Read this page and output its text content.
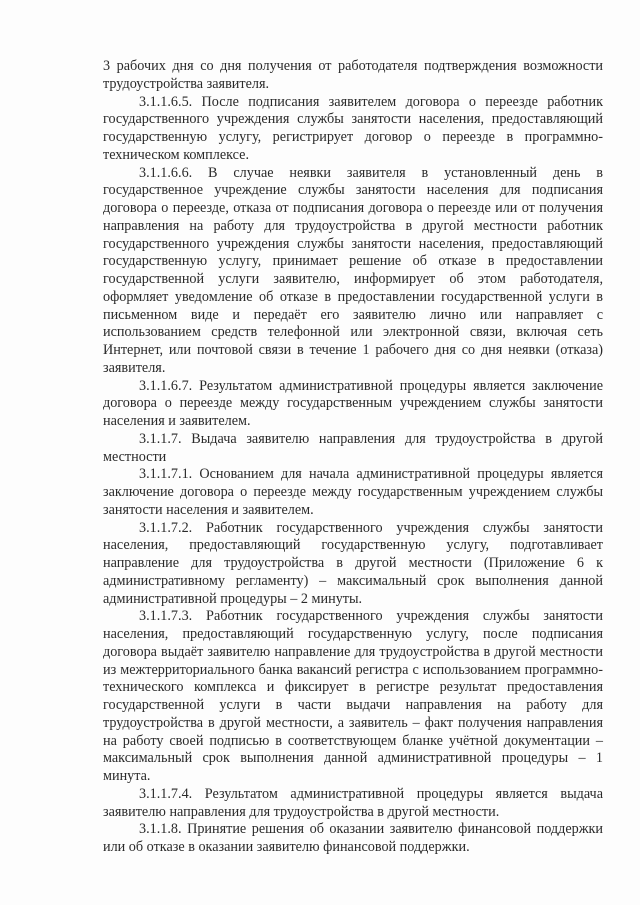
3 рабочих дня со дня получения от работодателя подтверждения возможности трудоустройства заявителя.

3.1.1.6.5. После подписания заявителем договора о переезде работник государственного учреждения службы занятости населения, предоставляющий государственную услугу, регистрирует договор о переезде в программно-техническом комплексе.

3.1.1.6.6. В случае неявки заявителя в установленный день в государственное учреждение службы занятости населения для подписания договора о переезде, отказа от подписания договора о переезде или от получения направления на работу для трудоустройства в другой местности работник государственного учреждения службы занятости населения, предоставляющий государственную услугу, принимает решение об отказе в предоставлении государственной услуги заявителю, информирует об этом работодателя, оформляет уведомление об отказе в предоставлении государственной услуги в письменном виде и передаёт его заявителю лично или направляет с использованием средств телефонной или электронной связи, включая сеть Интернет, или почтовой связи в течение 1 рабочего дня со дня неявки (отказа) заявителя.

3.1.1.6.7. Результатом административной процедуры является заключение договора о переезде между государственным учреждением службы занятости населения и заявителем.

3.1.1.7. Выдача заявителю направления для трудоустройства в другой местности

3.1.1.7.1. Основанием для начала административной процедуры является заключение договора о переезде между государственным учреждением службы занятости населения и заявителем.

3.1.1.7.2. Работник государственного учреждения службы занятости населения, предоставляющий государственную услугу, подготавливает направление для трудоустройства в другой местности (Приложение 6 к административному регламенту) – максимальный срок выполнения данной административной процедуры – 2 минуты.

3.1.1.7.3. Работник государственного учреждения службы занятости населения, предоставляющий государственную услугу, после подписания договора выдаёт заявителю направление для трудоустройства в другой местности из межтерриториального банка вакансий регистра с использованием программно-технического комплекса и фиксирует в регистре результат предоставления государственной услуги в части выдачи направления на работу для трудоустройства в другой местности, а заявитель – факт получения направления на работу своей подписью в соответствующем бланке учётной документации – максимальный срок выполнения данной административной процедуры – 1 минута.

3.1.1.7.4. Результатом административной процедуры является выдача заявителю направления для трудоустройства в другой местности.

3.1.1.8. Принятие решения об оказании заявителю финансовой поддержки или об отказе в оказании заявителю финансовой поддержки.
